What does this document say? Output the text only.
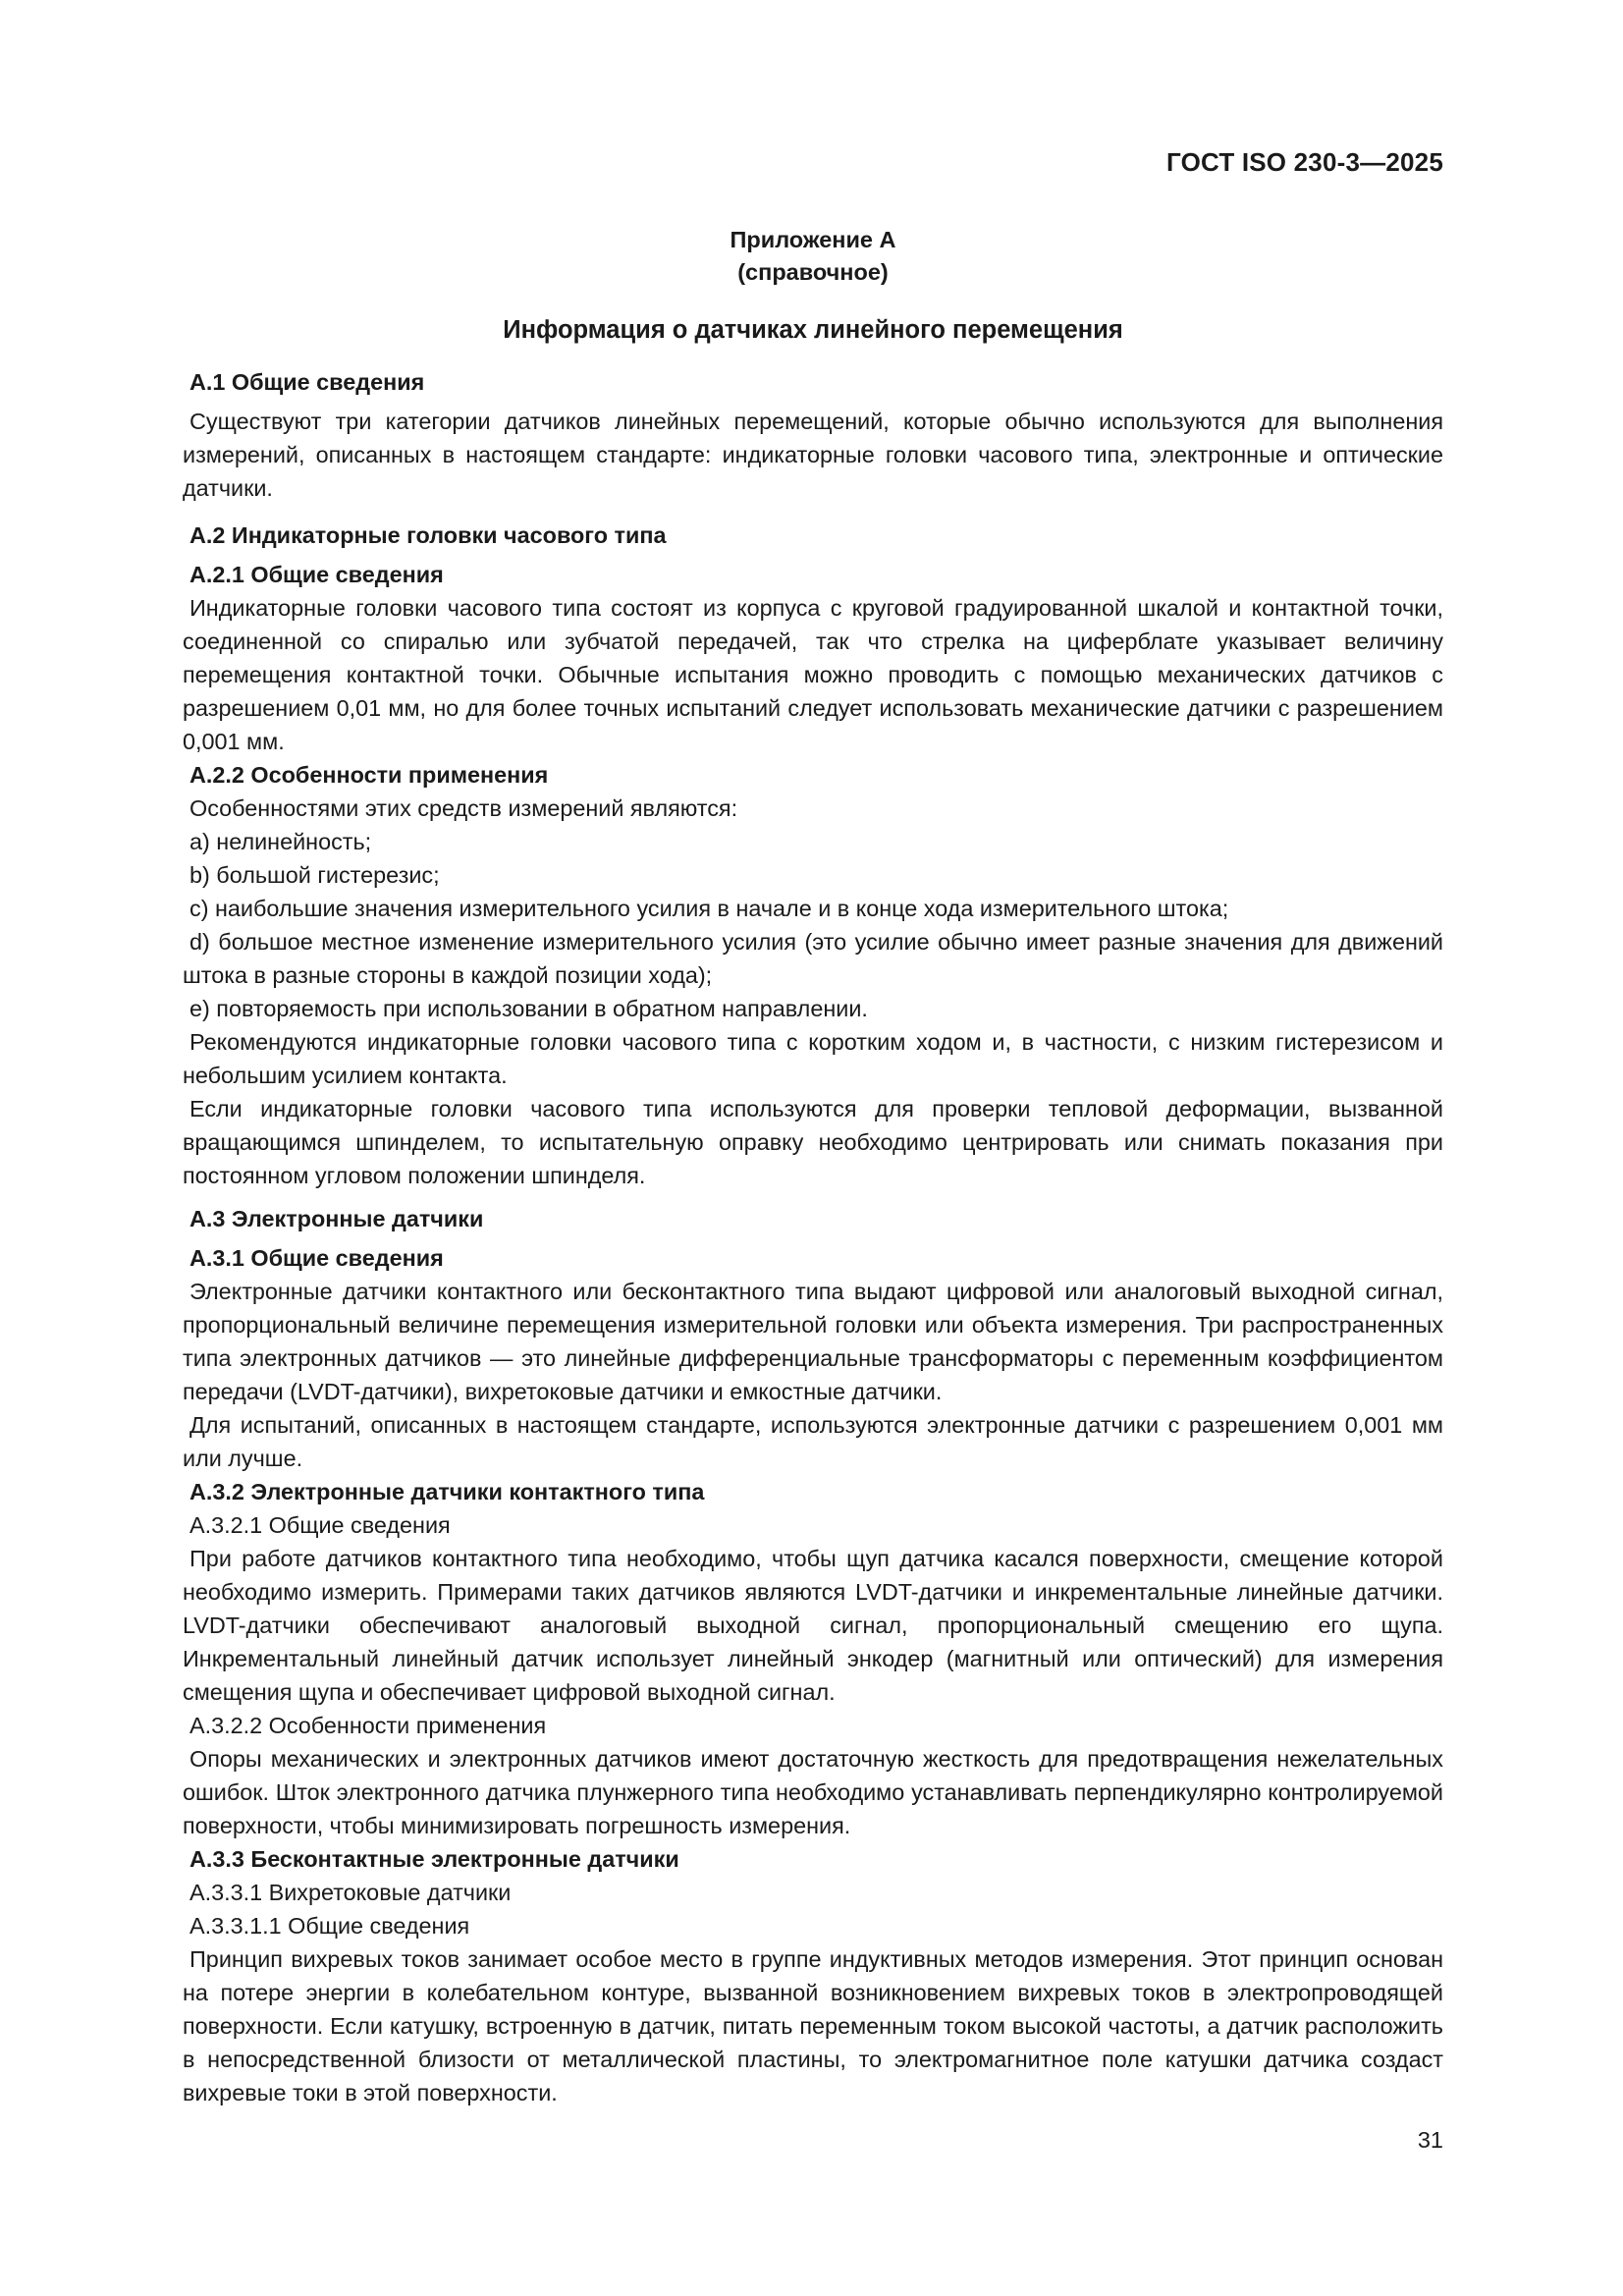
ГОСТ ISO 230-3—2025
Приложение А
(справочное)
Информация о датчиках линейного перемещения
А.1 Общие сведения

Существуют три категории датчиков линейных перемещений, которые обычно используются для выполнения измерений, описанных в настоящем стандарте: индикаторные головки часового типа, электронные и оптические датчики.

А.2 Индикаторные головки часового типа
А.2.1 Общие сведения

Индикаторные головки часового типа состоят из корпуса с круговой градуированной шкалой и контактной точки, соединенной со спиралью или зубчатой передачей, так что стрелка на циферблате указывает величину перемещения контактной точки. Обычные испытания можно проводить с помощью механических датчиков с разрешением 0,01 мм, но для более точных испытаний следует использовать механические датчики с разрешением 0,001 мм.

А.2.2 Особенности применения

Особенностями этих средств измерений являются:

a) нелинейность;
b) большой гистерезис;
c) наибольшие значения измерительного усилия в начале и в конце хода измерительного штока;
d) большое местное изменение измерительного усилия (это усилие обычно имеет разные значения для движений штока в разные стороны в каждой позиции хода);
e) повторяемость при использовании в обратном направлении.

Рекомендуются индикаторные головки часового типа с коротким ходом и, в частности, с низким гистерезисом и небольшим усилием контакта.

Если индикаторные головки часового типа используются для проверки тепловой деформации, вызванной вращающимся шпинделем, то испытательную оправку необходимо центрировать или снимать показания при постоянном угловом положении шпинделя.

А.3 Электронные датчики
А.3.1 Общие сведения

Электронные датчики контактного или бесконтактного типа выдают цифровой или аналоговый выходной сигнал, пропорциональный величине перемещения измерительной головки или объекта измерения. Три распространенных типа электронных датчиков — это линейные дифференциальные трансформаторы с переменным коэффициентом передачи (LVDT-датчики), вихретоковые датчики и емкостные датчики.

Для испытаний, описанных в настоящем стандарте, используются электронные датчики с разрешением 0,001 мм или лучше.

А.3.2 Электронные датчики контактного типа
А.3.2.1 Общие сведения

При работе датчиков контактного типа необходимо, чтобы щуп датчика касался поверхности, смещение которой необходимо измерить. Примерами таких датчиков являются LVDT-датчики и инкрементальные линейные датчики. LVDT-датчики обеспечивают аналоговый выходной сигнал, пропорциональный смещению его щупа. Инкрементальный линейный датчик использует линейный энкодер (магнитный или оптический) для измерения смещения щупа и обеспечивает цифровой выходной сигнал.

А.3.2.2 Особенности применения

Опоры механических и электронных датчиков имеют достаточную жесткость для предотвращения нежелательных ошибок. Шток электронного датчика плунжерного типа необходимо устанавливать перпендикулярно контролируемой поверхности, чтобы минимизировать погрешность измерения.

А.3.3 Бесконтактные электронные датчики
А.3.3.1 Вихретоковые датчики
А.3.3.1.1 Общие сведения

Принцип вихревых токов занимает особое место в группе индуктивных методов измерения. Этот принцип основан на потере энергии в колебательном контуре, вызванной возникновением вихревых токов в электропроводящей поверхности. Если катушку, встроенную в датчик, питать переменным током высокой частоты, а датчик расположить в непосредственной близости от металлической пластины, то электромагнитное поле катушки датчика создаст вихревые токи в этой поверхности.

31
